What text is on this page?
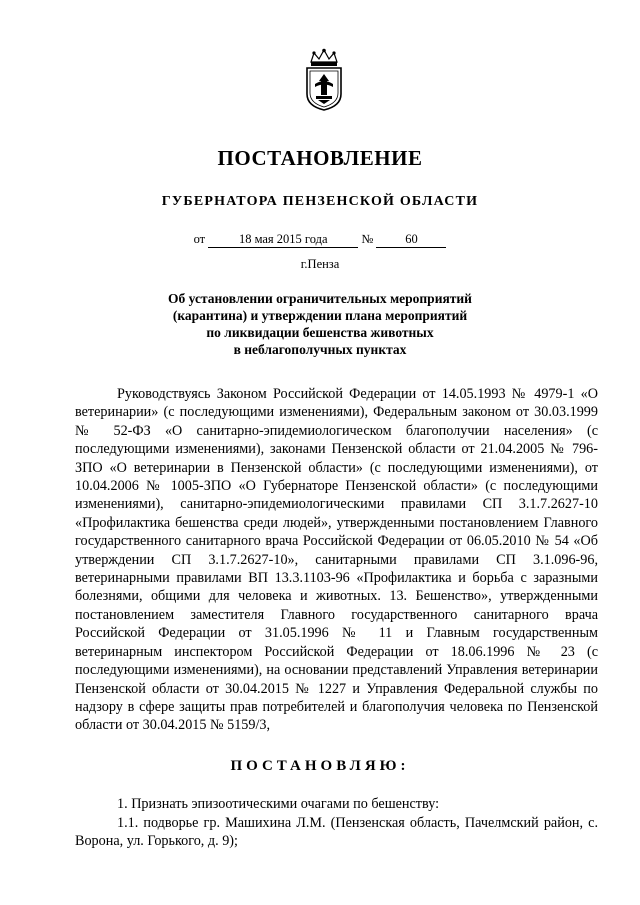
ПОСТАНОВЛЕНИЕ
ГУБЕРНАТОРА ПЕНЗЕНСКОЙ ОБЛАСТИ
от	18 мая 2015 года	№	60
г.Пенза
Об установлении ограничительных мероприятий
(карантина) и утверждении плана мероприятий
по ликвидации бешенства животных
в неблагополучных пунктах

Руководствуясь Законом Российской Федерации от 14.05.1993 № 4979-1 «О ветеринарии» (с последующими изменениями), Федеральным законом от 30.03.1999 № 52-ФЗ «О санитарно-эпидемиологическом благополучии населения» (с последующими изменениями), законами Пензенской области от 21.04.2005 № 796-ЗПО «О ветеринарии в Пензенской области» (с последующими изменениями), от 10.04.2006 № 1005-ЗПО «О Губернаторе Пензенской области» (с последующими изменениями), санитарно-эпидемиологическими правилами СП 3.1.7.2627-10 «Профилактика бешенства среди людей», утвержденными постановлением Главного государственного санитарного врача Российской Федерации от 06.05.2010 № 54 «Об утверждении СП 3.1.7.2627-10», санитарными правилами СП 3.1.096-96, ветеринарными правилами ВП 13.3.1103-96 «Профилактика и борьба с заразными болезнями, общими для человека и животных. 13. Бешенство», утвержденными постановлением заместителя Главного государственного санитарного врача Российской Федерации от 31.05.1996 № 11 и Главным государственным ветеринарным инспектором Российской Федерации от 18.06.1996 № 23 (с последующими изменениями), на основании представлений Управления ветеринарии Пензенской области от 30.04.2015 № 1227 и Управления Федеральной службы по надзору в сфере защиты прав потребителей и благополучия человека по Пензенской области от 30.04.2015 № 5159/3,

ПОСТАНОВЛЯЮ:

1. Признать эпизоотическими очагами по бешенству:

1.1. подворье гр. Машихина Л.М. (Пензенская область, Пачелмский район, с. Ворона, ул. Горького, д. 9);
